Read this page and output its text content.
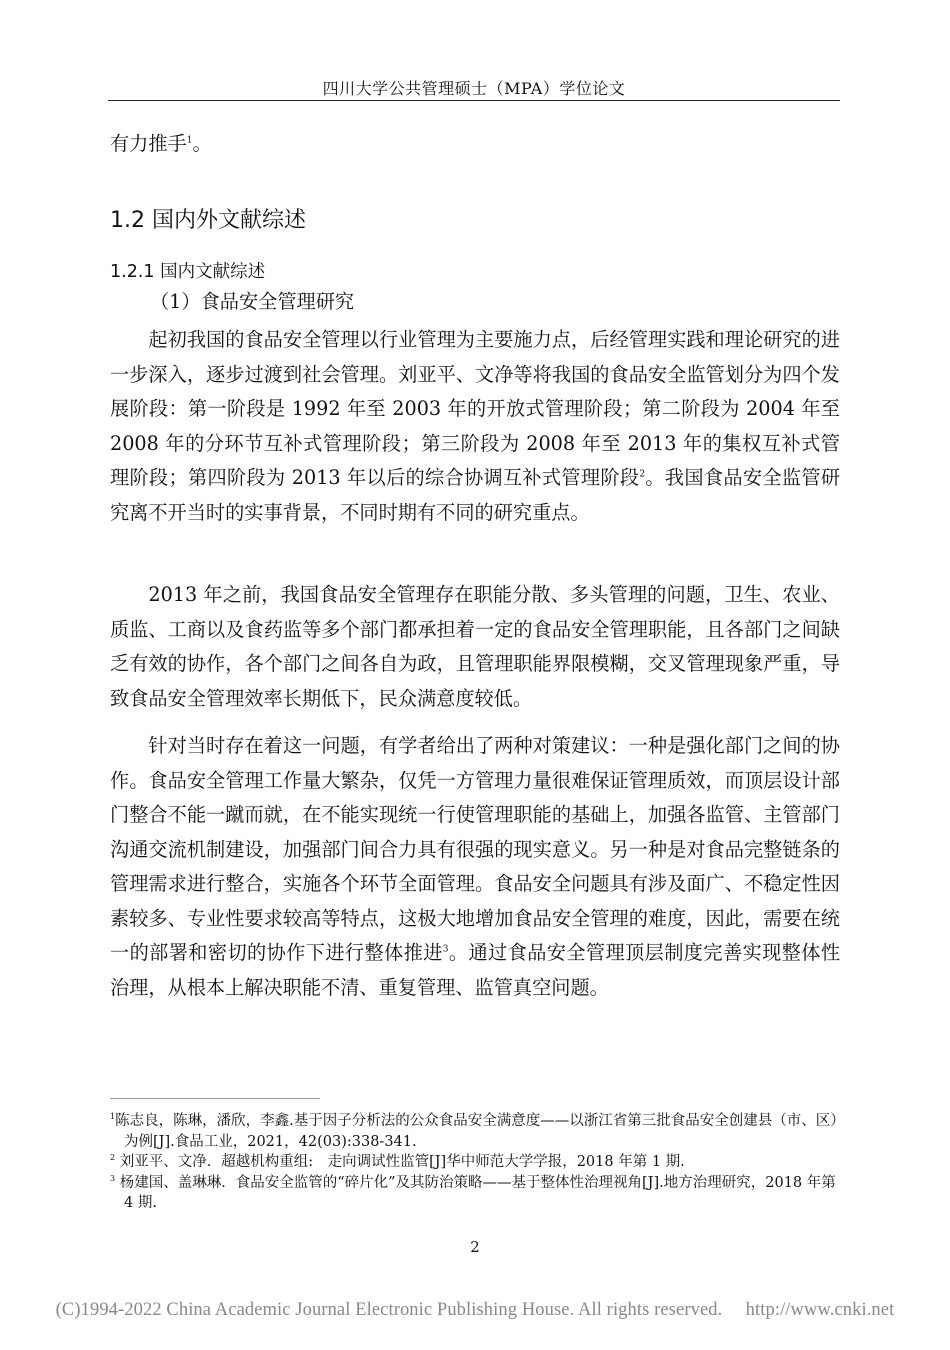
四川大学公共管理硕士（MPA）学位论文
有力推手$^1$。
1.2 国内外文献综述
1.2.1 国内文献综述
（1）食品安全管理研究
起初我国的食品安全管理以行业管理为主要施力点，后经管理实践和理论研究的进一步深入，逐步过渡到社会管理。刘亚平、文净等将我国的食品安全监管划分为四个发展阶段：第一阶段是 1992 年至 2003 年的开放式管理阶段；第二阶段为 2004 年至 2008 年的分环节互补式管理阶段；第三阶段为 2008 年至 2013 年的集权互补式管理阶段；第四阶段为 2013 年以后的综合协调互补式管理阶段$^2$。我国食品安全监管研究离不开当时的实事背景，不同时期有不同的研究重点。
2013 年之前，我国食品安全管理存在职能分散、多头管理的问题，卫生、农业、质监、工商以及食药监等多个部门都承担着一定的食品安全管理职能，且各部门之间缺乏有效的协作，各个部门之间各自为政，且管理职能界限模糊，交叉管理现象严重，导致食品安全管理效率长期低下，民众满意度较低。
针对当时存在着这一问题，有学者给出了两种对策建议：一种是强化部门之间的协作。食品安全管理工作量大繁杂，仅凭一方管理力量很难保证管理质效，而顶层设计部门整合不能一蹴而就，在不能实现统一行使管理职能的基础上，加强各监管、主管部门沟通交流机制建设，加强部门间合力具有很强的现实意义。另一种是对食品完整链条的管理需求进行整合，实施各个环节全面管理。食品安全问题具有涉及面广、不稳定性因素较多、专业性要求较高等特点，这极大地增加食品安全管理的难度，因此，需要在统一的部署和密切的协作下进行整体推进$^3$。通过食品安全管理顶层制度完善实现整体性治理，从根本上解决职能不清、重复管理、监管真空问题。

$^1$陈志良，陈琳，潘欣，李鑫.基于因子分析法的公众食品安全满意度——以浙江省第三批食品安全创建县（市、区）为例[J].食品工业，2021，42(03):338-341.

$^2$ 刘亚平、文净．超越机构重组:　走向调试性监管[J]华中师范大学学报，2018 年第 1 期.

$^3$ 杨建国、盖琳琳．食品安全监管的“碎片化”及其防治策略——基于整体性治理视角[J].地方治理研究，2018 年第 4 期.

2
(C)1994-2022 China Academic Journal Electronic Publishing House. All rights reserved.　 http://www.cnki.net
